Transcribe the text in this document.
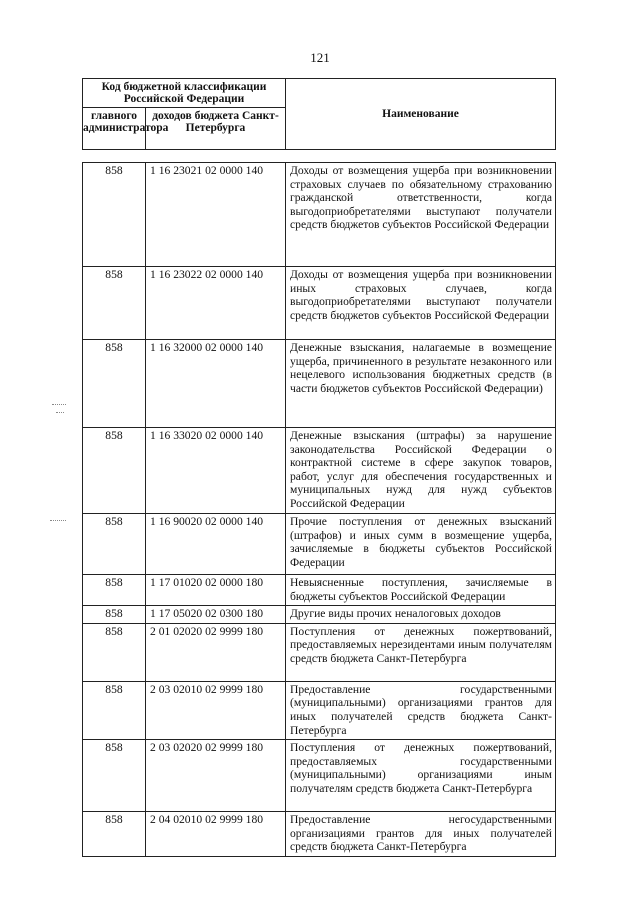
121
Код бюджетной классификации Российской Федерации		Наименование
главного администратора	доходов бюджета Санкт-Петербурга	
858	1 16 23021 02 0000 140	Доходы от возмещения ущерба при возникновении страховых случаев по обязательному страхованию гражданской ответственности, когда выгодоприобретателями выступают получатели средств бюджетов субъектов Российской Федерации
858	1 16 23022 02 0000 140	Доходы от возмещения ущерба при возникновении иных страховых случаев, когда выгодоприобретателями выступают получатели средств бюджетов субъектов Российской Федерации
858	1 16 32000 02 0000 140	Денежные взыскания, налагаемые в возмещение ущерба, причиненного в результате незаконного или нецелевого использования бюджетных средств (в части бюджетов субъектов Российской Федерации)
858	1 16 33020 02 0000 140	Денежные взыскания (штрафы) за нарушение законодательства Российской Федерации о контрактной системе в сфере закупок товаров, работ, услуг для обеспечения государственных и муниципальных нужд для нужд субъектов Российской Федерации
858	1 16 90020 02 0000 140	Прочие поступления от денежных взысканий (штрафов) и иных сумм в возмещение ущерба, зачисляемые в бюджеты субъектов Российской Федерации
858	1 17 01020 02 0000 180	Невыясненные поступления, зачисляемые в бюджеты субъектов Российской Федерации
858	1 17 05020 02 0300 180	Другие виды прочих неналоговых доходов
858	2 01 02020 02 9999 180	Поступления от денежных пожертвований, предоставляемых нерезидентами иным получателям средств бюджета Санкт-Петербурга
858	2 03 02010 02 9999 180	Предоставление государственными (муниципальными) организациями грантов для иных получателей средств бюджета Санкт-Петербурга
858	2 03 02020 02 9999 180	Поступления от денежных пожертвований, предоставляемых государственными (муниципальными) организациями иным получателям средств бюджета Санкт-Петербурга
858	2 04 02010 02 9999 180	Предоставление негосударственными организациями грантов для иных получателей средств бюджета Санкт-Петербурга
